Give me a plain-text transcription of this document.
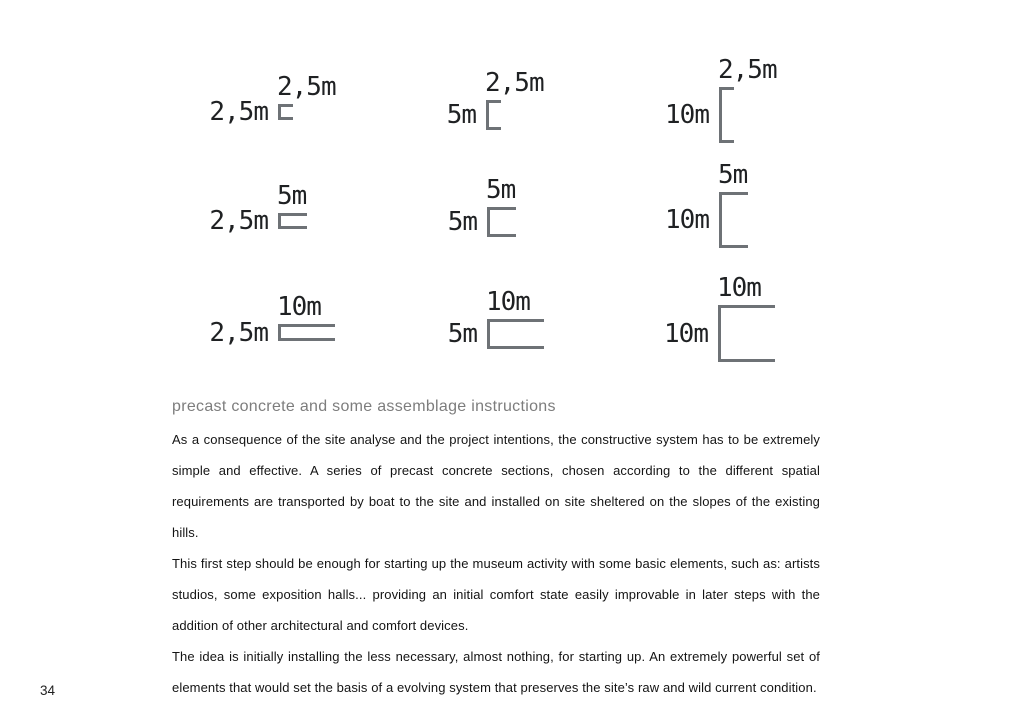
2,5m
2,5m
2,5m
5m
2,5m
10m
5m
2,5m
5m
5m
5m
10m
10m
2,5m
10m
5m
10m
10m
precast concrete and some assemblage instructions

As a consequence of the site analyse and the project intentions, the constructive system has to be extremely simple and effective. A series of precast concrete sections, chosen according to the different spatial requirements are transported by boat to the site and installed on site sheltered on the slopes of the existing hills.

This first step should be enough for starting up the museum activity with some basic elements, such as: artists studios, some exposition halls... providing an initial comfort state easily improvable in later steps with the addition of other architectural and comfort devices.

The idea is initially installing the less necessary, almost nothing, for starting up. An extremely powerful set of elements that would set the basis of a evolving system that preserves the site’s raw and wild current condition.

34
